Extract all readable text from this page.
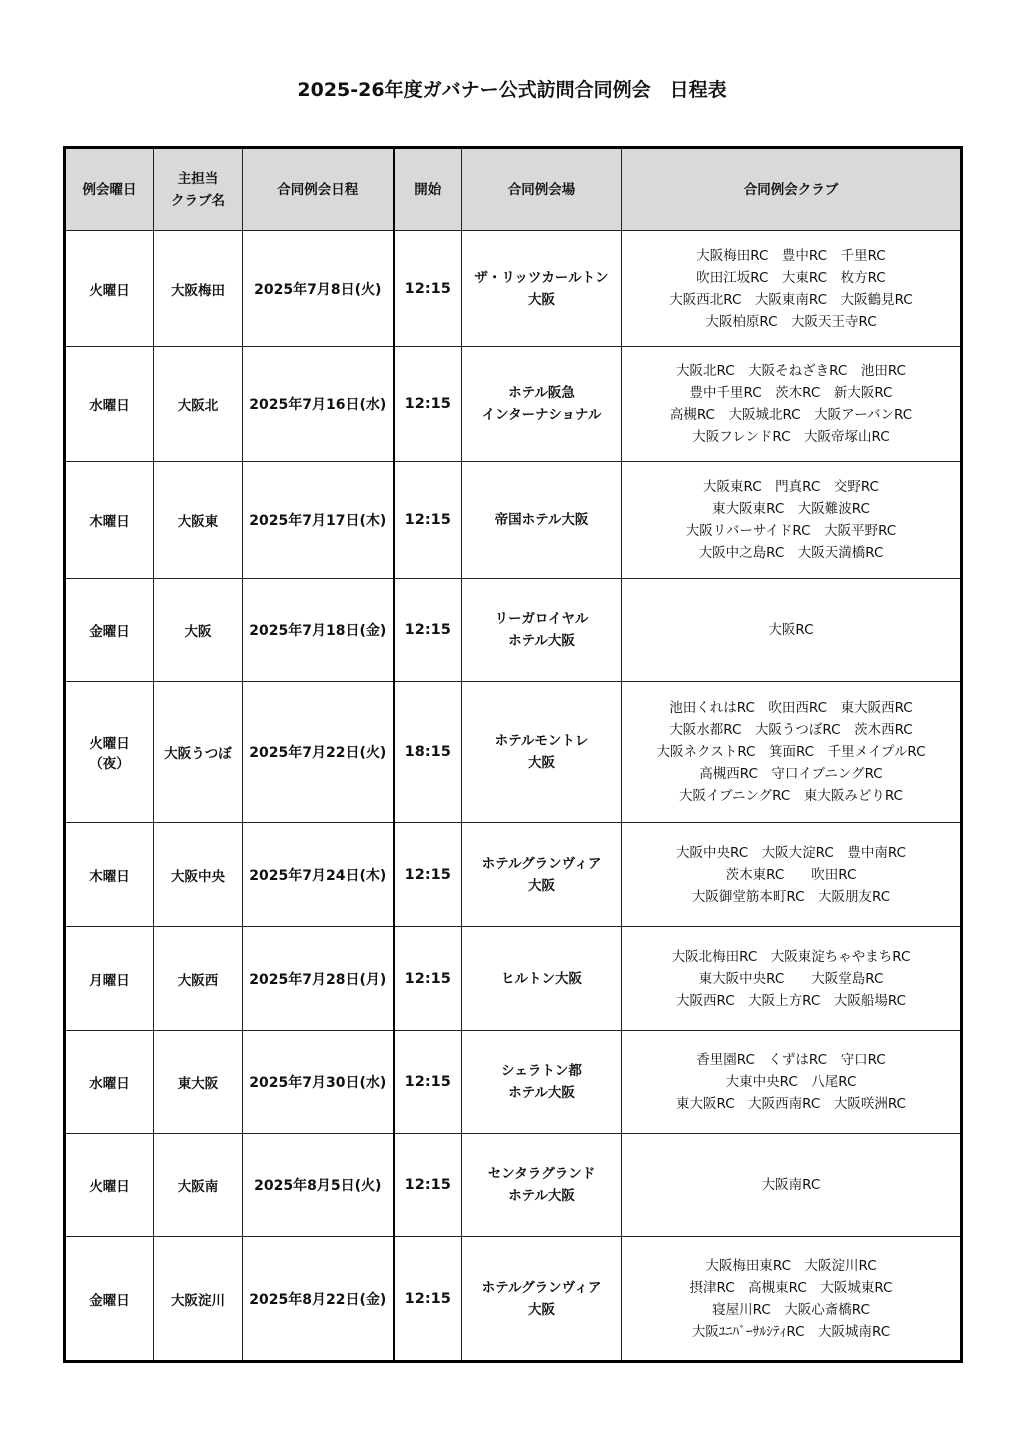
2025-26年度ガバナー公式訪問合同例会　日程表
例会曜日	主担当
クラブ名	合同例会日程	開始	合同例会場	合同例会クラブ

火曜日	大阪梅田	2025年7月8日(火)	12:15	ザ・リッツカールトン
大阪	大阪梅田RC　豊中RC　千里RC
吹田江坂RC　大東RC　枚方RC
大阪西北RC　大阪東南RC　大阪鶴見RC
大阪柏原RC　大阪天王寺RC

水曜日	大阪北	2025年7月16日(水)	12:15	ホテル阪急
インターナショナル	大阪北RC　大阪そねざきRC　池田RC
豊中千里RC　茨木RC　新大阪RC
高槻RC　大阪城北RC　大阪アーバンRC
大阪フレンドRC　大阪帝塚山RC

木曜日	大阪東	2025年7月17日(木)	12:15	帝国ホテル大阪	大阪東RC　門真RC　交野RC
東大阪東RC　大阪難波RC
大阪リバーサイドRC　大阪平野RC
大阪中之島RC　大阪天満橋RC

金曜日	大阪	2025年7月18日(金)	12:15	リーガロイヤル
ホテル大阪	大阪RC

火曜日
（夜）	大阪うつぼ	2025年7月22日(火)	18:15	ホテルモントレ
大阪	池田くれはRC　吹田西RC　東大阪西RC
大阪水都RC　大阪うつぼRC　茨木西RC
大阪ネクストRC　箕面RC　千里メイプルRC
高槻西RC　守口イブニングRC
大阪イブニングRC　東大阪みどりRC

木曜日	大阪中央	2025年7月24日(木)	12:15	ホテルグランヴィア
大阪	大阪中央RC　大阪大淀RC　豊中南RC
茨木東RC　　吹田RC
大阪御堂筋本町RC　大阪朋友RC

月曜日	大阪西	2025年7月28日(月)	12:15	ヒルトン大阪	大阪北梅田RC　大阪東淀ちゃやまちRC
東大阪中央RC　　大阪堂島RC
大阪西RC　大阪上方RC　大阪船場RC

水曜日	東大阪	2025年7月30日(水)	12:15	シェラトン都
ホテル大阪	香里園RC　くずはRC　守口RC
大東中央RC　八尾RC
東大阪RC　大阪西南RC　大阪咲洲RC

火曜日	大阪南	2025年8月5日(火)	12:15	センタラグランド
ホテル大阪	大阪南RC

金曜日	大阪淀川	2025年8月22日(金)	12:15	ホテルグランヴィア
大阪	大阪梅田東RC　大阪淀川RC
摂津RC　高槻東RC　大阪城東RC
寝屋川RC　大阪心斎橋RC
大阪ﾕﾆﾊﾞｰｻﾙｼﾃｨRC　大阪城南RC
